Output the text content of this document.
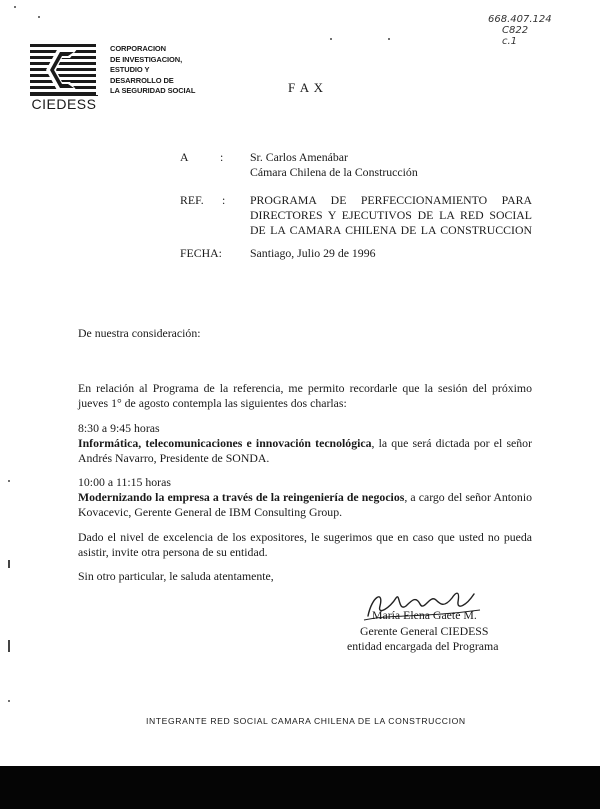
668.407.124
C822
c.1
CIEDESS
CORPORACION
DE INVESTIGACION,
ESTUDIO Y
DESARROLLO DE
LA SEGURIDAD SOCIAL	F A X
A	: Sr. Carlos Amenábar
Cámara Chilena de la Construcción
REF. : PROGRAMA DE PERFECCIONAMIENTO PARA
DIRECTORES Y EJECUTIVOS DE LA RED SOCIAL
DE LA CAMARA CHILENA DE LA CONSTRUCCION
FECHA: Santiago, Julio 29 de 1996
De nuestra consideración:
En relación al Programa de la referencia, me permito recordarle que la sesión del próximo jueves 1° de agosto contempla las siguientes dos charlas:
8:30 a 9:45 horas
Informática, telecomunicaciones e innovación tecnológica, la que será dictada por el señor Andrés Navarro, Presidente de SONDA.
10:00 a 11:15 horas
Modernizando la empresa a través de la reingeniería de negocios, a cargo del señor Antonio Kovacevic, Gerente General de IBM Consulting Group.
Dado el nivel de excelencia de los expositores, le sugerimos que en caso que usted no pueda asistir, invite otra persona de su entidad.
Sin otro particular, le saluda atentamente,
María Elena Gaete M.
Gerente General CIEDESS
entidad encargada del Programa
INTEGRANTE RED SOCIAL CAMARA CHILENA DE LA CONSTRUCCION
